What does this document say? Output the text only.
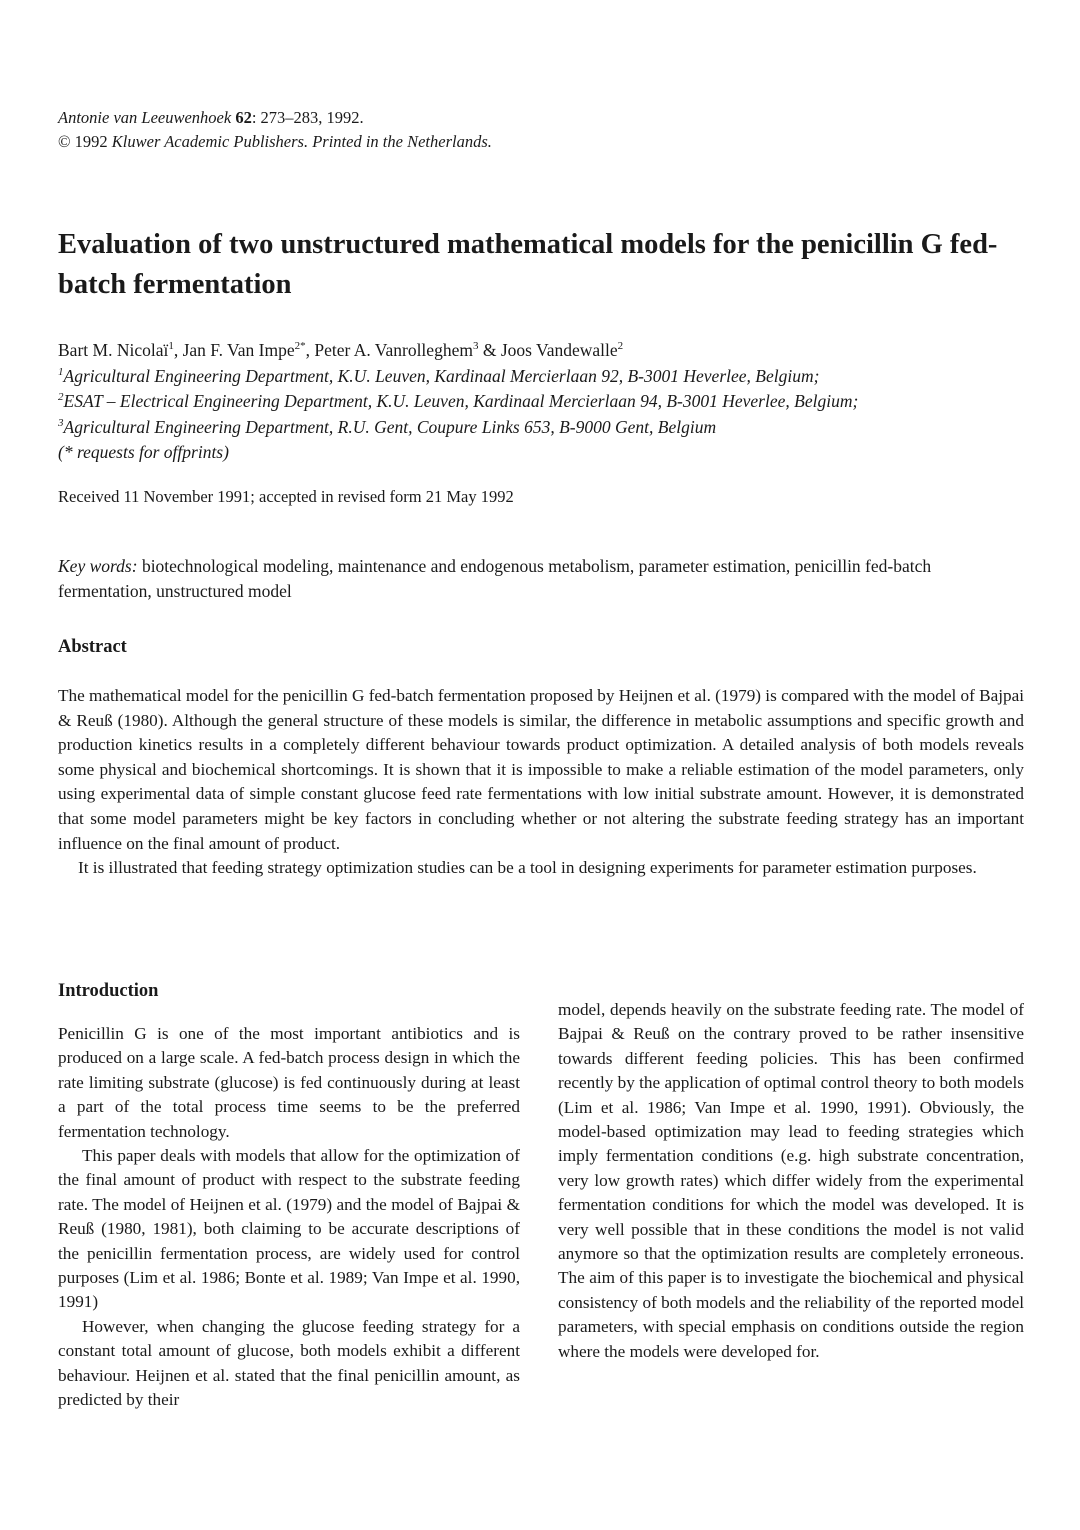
Antonie van Leeuwenhoek 62: 273–283, 1992.
© 1992 Kluwer Academic Publishers. Printed in the Netherlands.
Evaluation of two unstructured mathematical models for the penicillin G fed-batch fermentation
Bart M. Nicolaï$^1$, Jan F. Van Impe$^{2*}$, Peter A. Vanrolleghem$^3$ & Joos Vandewalle$^2$
$^1$Agricultural Engineering Department, K.U. Leuven, Kardinaal Mercierlaan 92, B-3001 Heverlee, Belgium;
$^2$ESAT – Electrical Engineering Department, K.U. Leuven, Kardinaal Mercierlaan 94, B-3001 Heverlee, Belgium;
$^3$Agricultural Engineering Department, R.U. Gent, Coupure Links 653, B-9000 Gent, Belgium
(* requests for offprints)
Received 11 November 1991; accepted in revised form 21 May 1992
Key words: biotechnological modeling, maintenance and endogenous metabolism, parameter estimation, penicillin fed-batch fermentation, unstructured model
Abstract

The mathematical model for the penicillin G fed-batch fermentation proposed by Heijnen et al. (1979) is compared with the model of Bajpai & Reuß (1980). Although the general structure of these models is similar, the difference in metabolic assumptions and specific growth and production kinetics results in a completely different behaviour towards product optimization. A detailed analysis of both models reveals some physical and biochemical shortcomings. It is shown that it is impossible to make a reliable estimation of the model parameters, only using experimental data of simple constant glucose feed rate fermentations with low initial substrate amount. However, it is demonstrated that some model parameters might be key factors in concluding whether or not altering the substrate feeding strategy has an important influence on the final amount of product.

It is illustrated that feeding strategy optimization studies can be a tool in designing experiments for parameter estimation purposes.

Introduction

Penicillin G is one of the most important antibiotics and is produced on a large scale. A fed-batch process design in which the rate limiting substrate (glucose) is fed continuously during at least a part of the total process time seems to be the preferred fermentation technology.

This paper deals with models that allow for the optimization of the final amount of product with respect to the substrate feeding rate. The model of Heijnen et al. (1979) and the model of Bajpai & Reuß (1980, 1981), both claiming to be accurate descriptions of the penicillin fermentation process, are widely used for control purposes (Lim et al. 1986; Bonte et al. 1989; Van Impe et al. 1990, 1991)

However, when changing the glucose feeding strategy for a constant total amount of glucose, both models exhibit a different behaviour. Heijnen et al. stated that the final penicillin amount, as predicted by their

model, depends heavily on the substrate feeding rate. The model of Bajpai & Reuß on the contrary proved to be rather insensitive towards different feeding policies. This has been confirmed recently by the application of optimal control theory to both models (Lim et al. 1986; Van Impe et al. 1990, 1991). Obviously, the model-based optimization may lead to feeding strategies which imply fermentation conditions (e.g. high substrate concentration, very low growth rates) which differ widely from the experimental fermentation conditions for which the model was developed. It is very well possible that in these conditions the model is not valid anymore so that the optimization results are completely erroneous. The aim of this paper is to investigate the biochemical and physical consistency of both models and the reliability of the reported model parameters, with special emphasis on conditions outside the region where the models were developed for.
